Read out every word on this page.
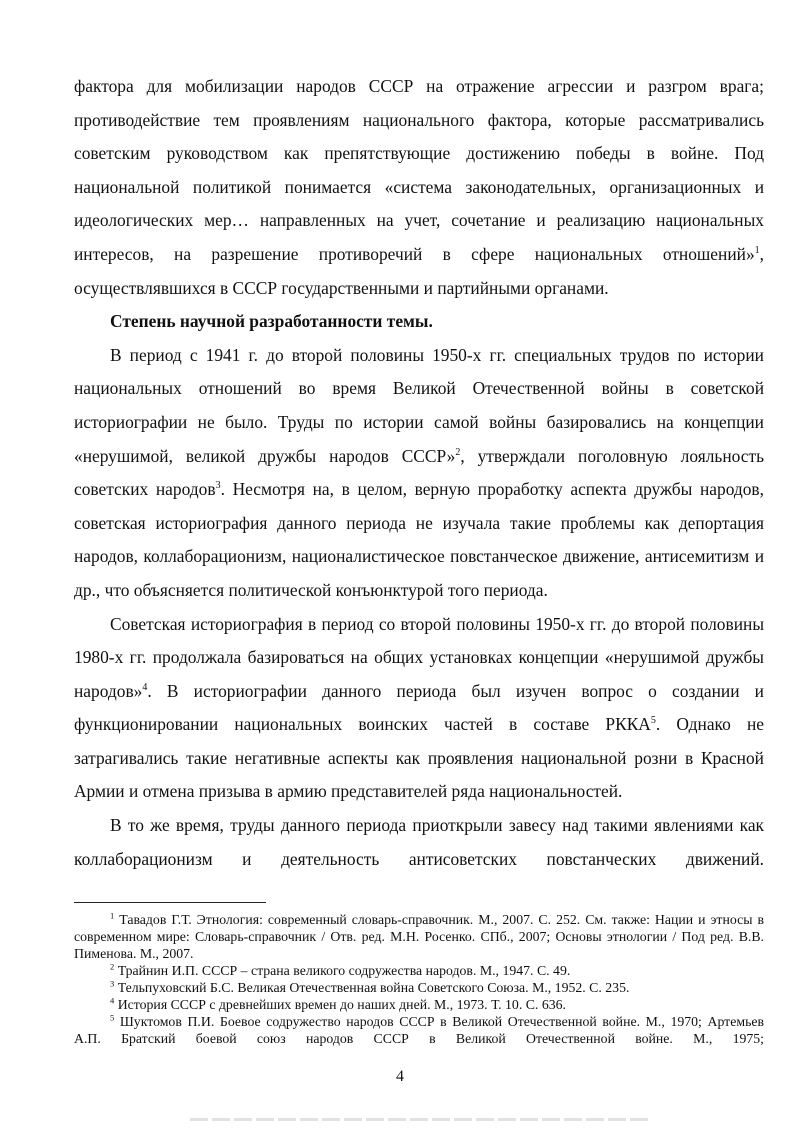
фактора для мобилизации народов СССР на отражение агрессии и разгром врага; противодействие тем проявлениям национального фактора, которые рассматривались советским руководством как препятствующие достижению победы в войне. Под национальной политикой понимается «система законодательных, организационных и идеологических мер… направленных на учет, сочетание и реализацию национальных интересов, на разрешение противоречий в сфере национальных отношений»$^1$, осуществлявшихся в СССР государственными и партийными органами.

Степень научной разработанности темы.

В период с 1941 г. до второй половины 1950-х гг. специальных трудов по истории национальных отношений во время Великой Отечественной войны в советской историографии не было. Труды по истории самой войны базировались на концепции «нерушимой, великой дружбы народов СССР»$^2$, утверждали поголовную лояльность советских народов$^3$. Несмотря на, в целом, верную проработку аспекта дружбы народов, советская историография данного периода не изучала такие проблемы как депортация народов, коллаборационизм, националистическое повстанческое движение, антисемитизм и др., что объясняется политической конъюнктурой того периода.

Советская историография в период со второй половины 1950-х гг. до второй половины 1980-х гг. продолжала базироваться на общих установках концепции «нерушимой дружбы народов»$^4$. В историографии данного периода был изучен вопрос о создании и функционировании национальных воинских частей в составе РККА$^5$. Однако не затрагивались такие негативные аспекты как проявления национальной розни в Красной Армии и отмена призыва в армию представителей ряда национальностей.

В то же время, труды данного периода приоткрыли завесу над такими явлениями как коллаборационизм и деятельность антисоветских повстанческих движений.

$^1$ Тавадов Г.Т. Этнология: современный словарь-справочник. М., 2007. С. 252. См. также: Нации и этносы в современном мире: Словарь-справочник / Отв. ред. М.Н. Росенко. СПб., 2007; Основы этнологии / Под ред. В.В. Пименова. М., 2007.

$^2$ Трайнин И.П. СССР – страна великого содружества народов. М., 1947. С. 49.

$^3$ Тельпуховский Б.С. Великая Отечественная война Советского Союза. М., 1952. С. 235.

$^4$ История СССР с древнейших времен до наших дней. М., 1973. Т. 10. С. 636.

$^5$ Шуктомов П.И. Боевое содружество народов СССР в Великой Отечественной войне. М., 1970; Артемьев А.П. Братский боевой союз народов СССР в Великой Отечественной войне. М., 1975;

4
